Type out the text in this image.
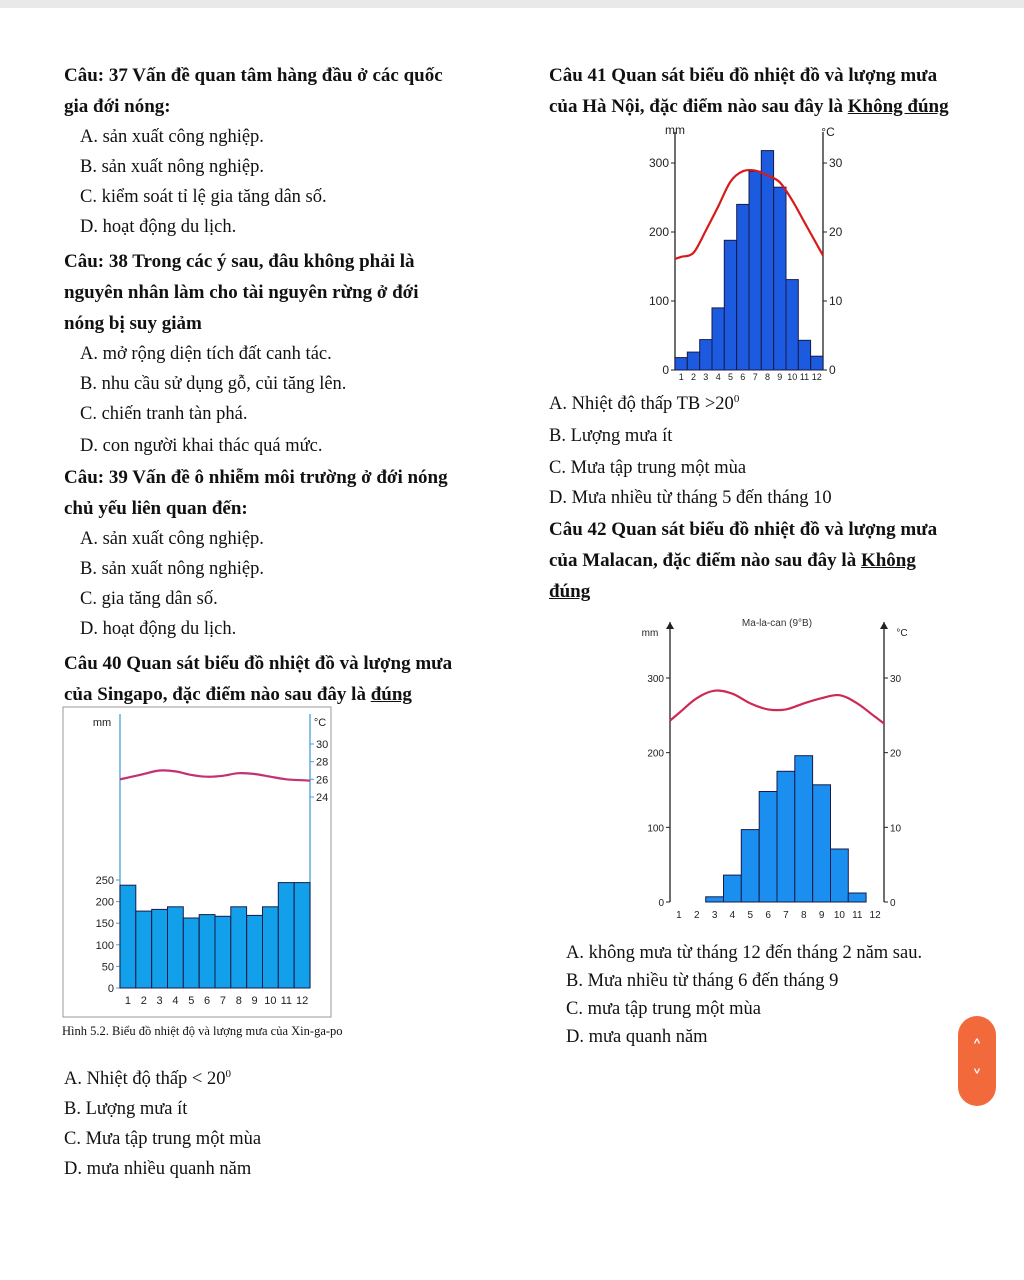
Câu: 37 Vấn đề quan tâm hàng đầu ở các quốc
gia đới nóng:

A. sản xuất công nghiệp.

B. sản xuất nông nghiệp.

C. kiểm soát tỉ lệ gia tăng dân số.

D. hoạt động du lịch.

Câu: 38 Trong các ý sau, đâu không phải là
nguyên nhân làm cho tài nguyên rừng ở đới
nóng bị suy giảm

A. mở rộng diện tích đất canh tác.

B. nhu cầu sử dụng gỗ, củi tăng lên.

C. chiến tranh tàn phá.

D. con người khai thác quá mức.

Câu: 39 Vấn đề ô nhiễm môi trường ở đới nóng
chủ yếu liên quan đến:

A. sản xuất công nghiệp.

B. sản xuất nông nghiệp.

C. gia tăng dân số.

D. hoạt động du lịch.

Câu 40 Quan sát biểu đồ nhiệt đồ và lượng mưa
của Singapo, đặc điểm nào sau đây là đúng

mm	°C
250
200
150
100
50
0
30
28
26
24
1 2 3 4 5 6 7 8 9 10 11 12
Hình 5.2. Biểu đồ nhiệt độ và lượng mưa của Xin-ga-po

A. Nhiệt độ thấp < $20^0$

B. Lượng mưa ít

C. Mưa tập trung một mùa

D. mưa nhiều quanh năm

Câu 41 Quan sát biểu đồ nhiệt đồ và lượng mưa
của Hà Nội, đặc điểm nào sau đây là Không đúng

mm	°C
300
200
100
0
30
20
10
0
1 2 3 4 5 6 7 8 9 10 11 12

A. Nhiệt độ thấp TB $>20^0$

B. Lượng mưa ít

C. Mưa tập trung một mùa

D. Mưa nhiều từ tháng 5 đến tháng 10

Câu 42 Quan sát biểu đồ nhiệt đồ và lượng mưa
của Malacan, đặc điểm nào sau đây là Không
đúng

mm	°C
Ma-la-can (9°B)
300
200
100
0
30
20
10
0
1 2 3 4 5 6 7 8 9 10 11 12

A. không mưa từ tháng 12 đến tháng 2 năm sau.

B. Mưa nhiều từ tháng 6 đến tháng 9

C. mưa tập trung một mùa

D. mưa quanh năm	˄
˅
